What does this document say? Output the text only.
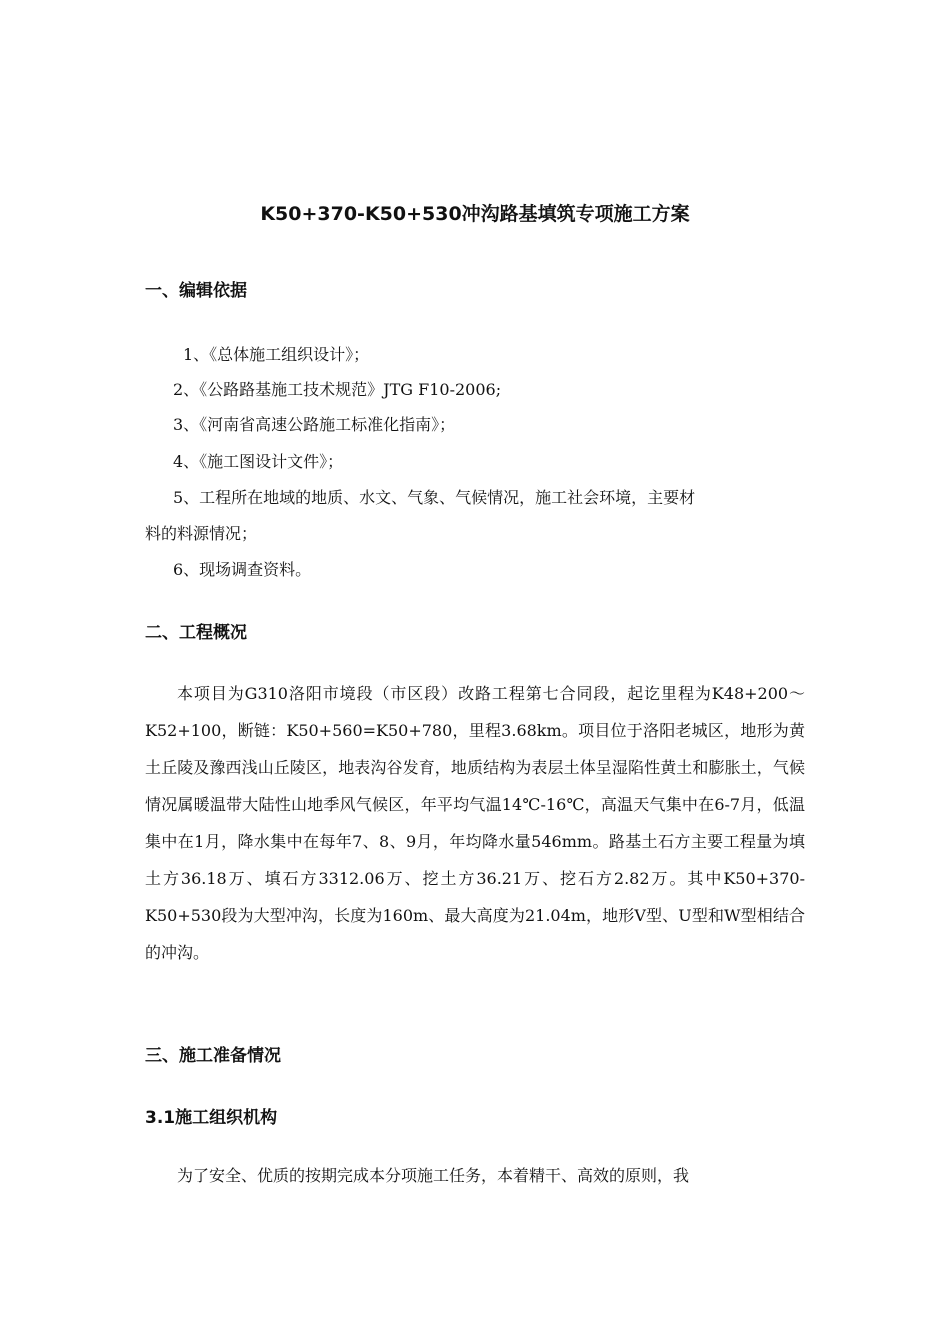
K50+370-K50+530冲沟路基填筑专项施工方案
一、编辑依据

1、《总体施工组织设计》；

2、《公路路基施工技术规范》JTG F10-2006;

3、《河南省高速公路施工标准化指南》；

4、《施工图设计文件》；

5、工程所在地域的地质、水文、气象、气候情况，施工社会环境，主要材

料的料源情况；

6、现场调查资料。

二、工程概况

本项目为G310洛阳市境段（市区段）改路工程第七合同段，起讫里程为K48+200～K52+100，断链：K50+560=K50+780，里程3.68km。项目位于洛阳老城区，地形为黄土丘陵及豫西浅山丘陵区，地表沟谷发育，地质结构为表层土体呈湿陷性黄土和膨胀土，气候情况属暖温带大陆性山地季风气候区，年平均气温14℃-16℃，高温天气集中在6-7月，低温集中在1月，降水集中在每年7、8、9月，年均降水量546mm。路基土石方主要工程量为填土方36.18万、填石方3312.06万、挖土方36.21万、挖石方2.82万。其中K50+370-K50+530段为大型冲沟，长度为160m、最大高度为21.04m，地形V型、U型和W型相结合的冲沟。

三、施工准备情况
3.1施工组织机构

为了安全、优质的按期完成本分项施工任务，本着精干、高效的原则，我
